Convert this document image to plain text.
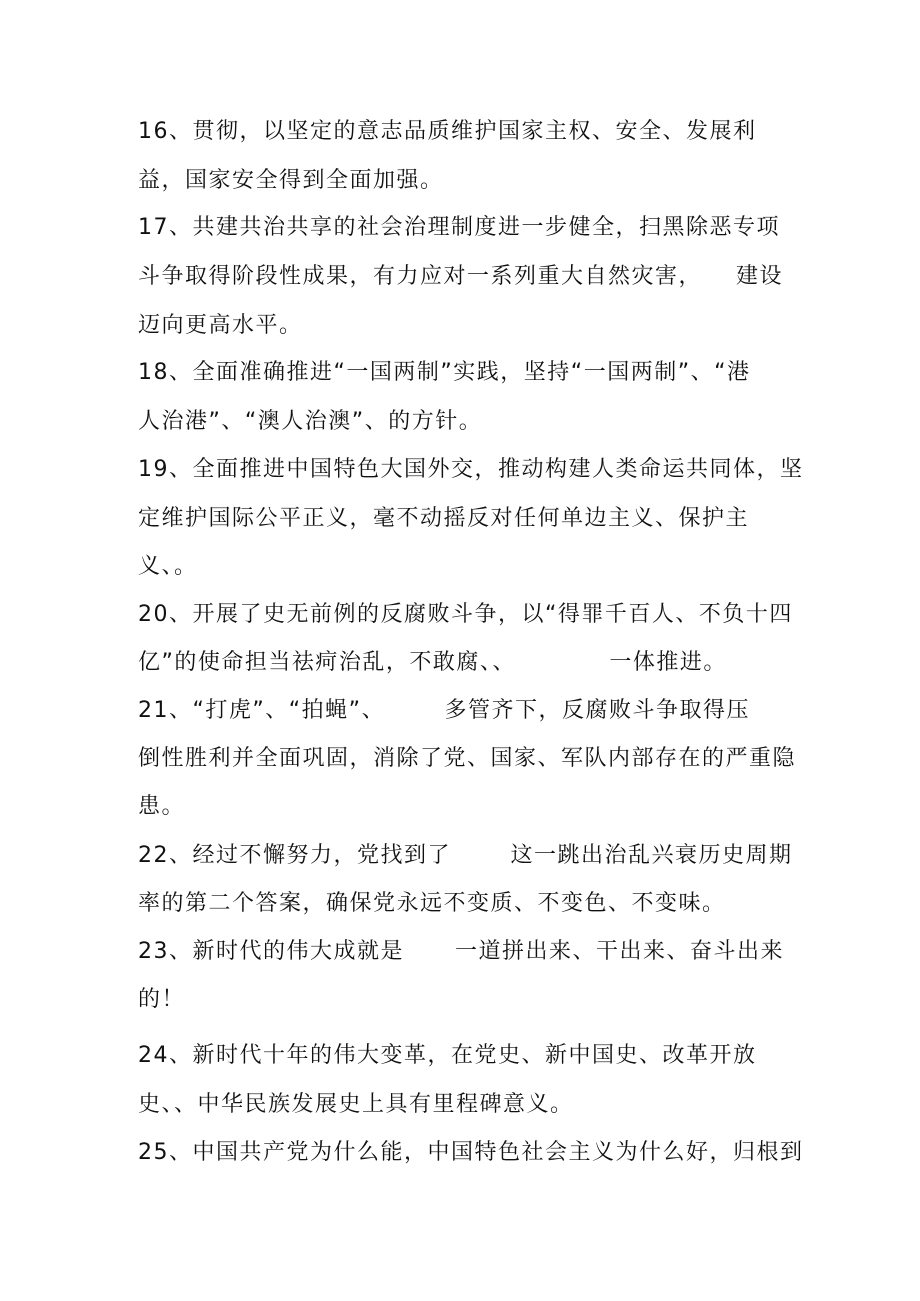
16、贯彻，以坚定的意志品质维护国家主权、安全、发展利
益，国家安全得到全面加强。
17、共建共治共享的社会治理制度进一步健全，扫黑除恶专项
斗争取得阶段性成果，有力应对一系列重大自然灾害，    建设
迈向更高水平。
18、全面准确推进“一国两制”实践，坚持“一国两制”、“港
人治港”、“澳人治澳”、的方针。
19、全面推进中国特色大国外交，推动构建人类命运共同体，坚
定维护国际公平正义，毫不动摇反对任何单边主义、保护主
义、。
20、开展了史无前例的反腐败斗争，以“得罪千百人、不负十四
亿”的使命担当祛疴治乱，不敢腐、、           一体推进。
21、“打虎”、“拍蝇”、       多管齐下，反腐败斗争取得压
倒性胜利并全面巩固，消除了党、国家、军队内部存在的严重隐
患。
22、经过不懈努力，党找到了       这一跳出治乱兴衰历史周期
率的第二个答案，确保党永远不变质、不变色、不变味。
23、新时代的伟大成就是      一道拼出来、干出来、奋斗出来
的！
24、新时代十年的伟大变革，在党史、新中国史、改革开放
史、、中华民族发展史上具有里程碑意义。
25、中国共产党为什么能，中国特色社会主义为什么好，归根到
